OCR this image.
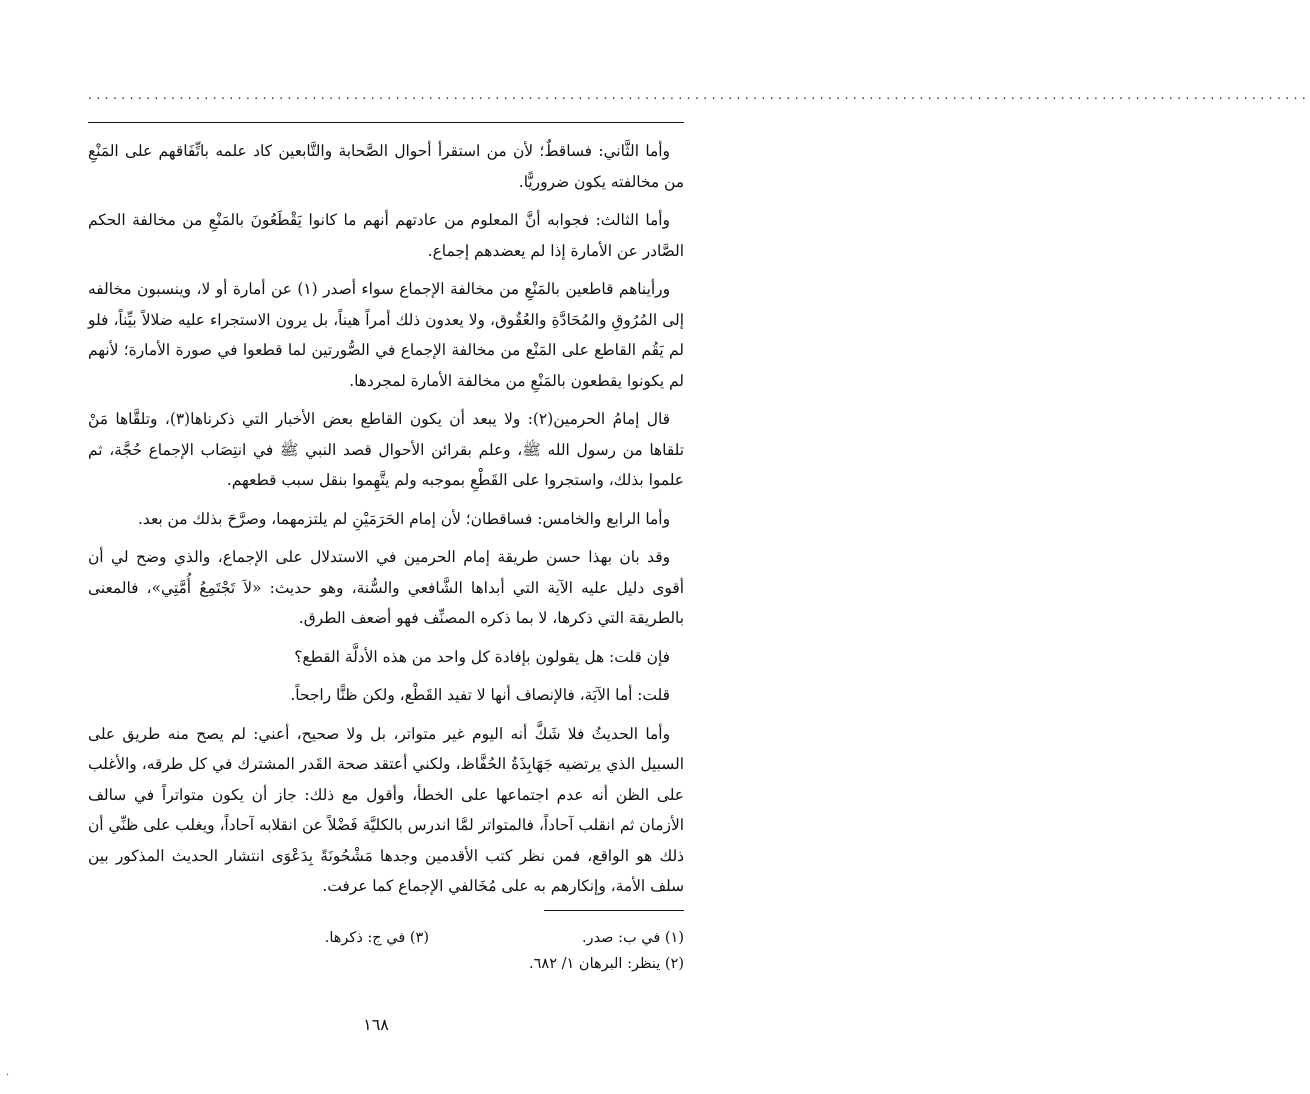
...................................................................................................................................................

وأما الثَّاني: فساقطٌ؛ لأن من استقرأ أحوال الصَّحابة والتَّابعين كاد علمه باتِّفَاقهم على المَنْعِ من مخالفته يكون ضروريًّا.

وأما الثالث: فجوابه أنَّ المعلوم من عادتهم أنهم ما كانوا يَقْطَعُونَ بالمَنْعِ من مخالفة الحكم الصَّادر عن الأمارة إذا لم يعضدهم إجماع.

ورأيناهم قاطعين بالمَنْعِ من مخالفة الإجماع سواء أصدر (١) عن أمارة أو لا، وينسبون مخالفه إلى المُرُوقِ والمُحَادَّةِ والعُقُوق، ولا يعدون ذلك أمراً هيناً، بل يرون الاستجراء عليه ضلالاً بيِّناً، فلو لم يَقُم القاطع على المَنْع من مخالفة الإجماع في الصُّورتين لما قطعوا في صورة الأمارة؛ لأنهم لم يكونوا يقطعون بالمَنْعِ من مخالفة الأمارة لمجردها.

قال إمامُ الحرمين(٢): ولا يبعد أن يكون القاطع بعض الأخبار التي ذكرناها(٣)، وتلقَّاها مَنْ تلقاها من رسول الله ﷺ، وعلم بقرائن الأحوال قصد النبي ﷺ في انتِصَاب الإجماع حُجَّة، ثم علموا بذلك، واستجروا على القَطْعِ بموجبه ولم يتَّهِموا بنقل سبب قطعهم.

وأما الرابع والخامس: فساقطان؛ لأن إمام الحَرَمَيْنِ لم يلتزمهما، وصرَّحَ بذلك من بعد.

وقد بان بهذا حسن طريقة إمام الحرمين في الاستدلال على الإجماع، والذي وضح لي أن أقوى دليل عليه الآية التي أبداها الشَّافعي والسُّنة، وهو حديث: «لاَ تَجْتَمِعُ أُمَّتِي»، فالمعنى بالطريقة التي ذكرها، لا بما ذكره المصنِّف فهو أضعف الطرق.

فإن قلت: هل يقولون بإفادة كل واحد من هذه الأدلَّة القطع؟

قلت: أما الآيَة، فالإنصاف أنها لا تفيد القَطْع، ولكن ظنًّا راجحاً.

وأما الحديثُ فلا شَكَّ أنه اليوم غير متواتر، بل ولا صحيح، أعني: لم يصح منه طريق على السبيل الذي يرتضيه جَهَابِذَةُ الحُفَّاظ، ولكني أعتقد صحة القَدر المشترك في كل طرقه، والأغلب على الظن أنه عدم اجتماعها على الخطأ، وأقول مع ذلك: جاز أن يكون متواتراً في سالف الأزمان ثم انقلب آحاداً، فالمتواتر لمَّا اندرس بالكليَّة فَضْلاً عن انقلابه آحاداً، ويغلب على ظنِّي أن ذلك هو الواقع، فمن نظر كتب الأقدمين وجدها مَشْحُونَةً بِدَعْوَى انتشار الحديث المذكور بين سلف الأمة، وإنكارهم به على مُخَالفي الإجماع كما عرفت.

(١) في ب: صدر.
(٣) في ج: ذكرها.
(٢) ينظر: البرهان ١/ ٦٨٢.
١٦٨
·
